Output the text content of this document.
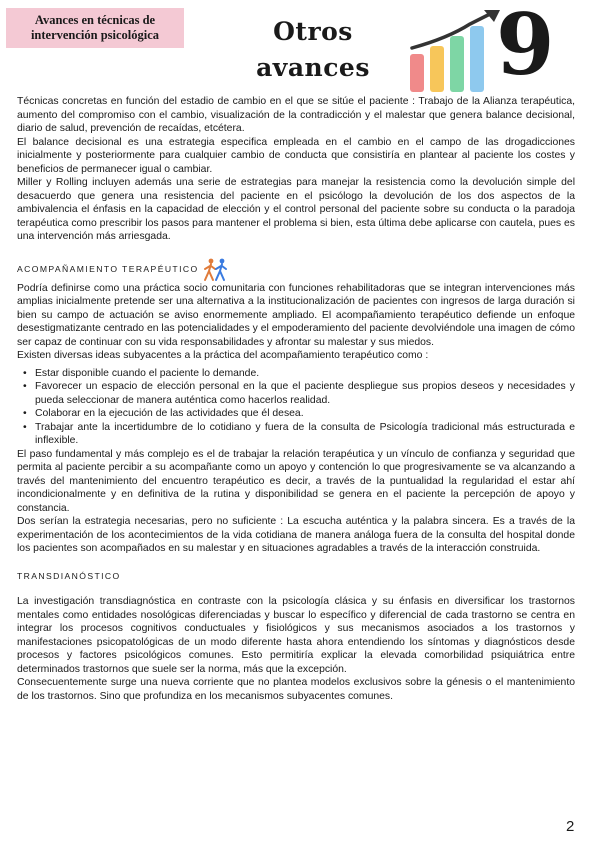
Avances en técnicas de
intervención psicológica	Otros
avances 9

Técnicas concretas en función del estadio de cambio en el que se sitúe el paciente : Trabajo de la Alianza terapéutica, aumento del compromiso con el cambio, visualización de la contradicción y el malestar que genera balance decisional, diario de salud, prevención de recaídas, etcétera.

El balance decisional es una estrategia especifica empleada en el cambio en el campo de las drogadicciones inicialmente y posteriormente para cualquier cambio de conducta que consistiría en plantear al paciente los costes y beneficios de permanecer igual o cambiar.

Miller y Rolling incluyen además una serie de estrategias para manejar la resistencia como la devolución simple del desacuerdo que genera una resistencia del paciente en el psicólogo la devolución de los dos aspectos de la ambivalencia el énfasis en la capacidad de elección y el control personal del paciente sobre su conducta o la paradoja terapéutica como prescribir los pasos para mantener el problema si bien, esta última debe aplicarse con cautela, pues es una intervención más arriesgada.

ACOMPAÑAMIENTO TERAPÉUTICO

Podría definirse como una práctica socio comunitaria con funciones rehabilitadoras que se integran intervenciones más amplias inicialmente pretende ser una alternativa a la institucionalización de pacientes con ingresos de larga duración si bien su campo de actuación se aviso enormemente ampliado. El acompañamiento terapéutico defiende un enfoque desestigmatizante centrado en las potencialidades y el empoderamiento del paciente devolviéndole una imagen de cómo ser capaz de continuar con su vida responsabilidades y afrontar su malestar y sus miedos.

Existen diversas ideas subyacentes a la práctica del acompañamiento terapéutico como :

• Estar disponible cuando el paciente lo demande.
• Favorecer un espacio de elección personal en la que el paciente despliegue sus propios deseos y necesidades y pueda seleccionar de manera auténtica como hacerlos realidad.
• Colaborar en la ejecución de las actividades que él desea.
• Trabajar ante la incertidumbre de lo cotidiano y fuera de la consulta de Psicología tradicional más estructurada e inflexible.

El paso fundamental y más complejo es el de trabajar la relación terapéutica y un vínculo de confianza y seguridad que permita al paciente percibir a su acompañante como un apoyo y contención lo que progresivamente se va alcanzando a través del mantenimiento del encuentro terapéutico es decir, a través de la puntualidad la regularidad el estar ahí incondicionalmente y en definitiva de la rutina y disponibilidad se genera en el paciente la percepción de apoyo y constancia.

Dos serían la estrategia necesarias, pero no suficiente : La escucha auténtica y la palabra sincera. Es a través de la experimentación de los acontecimientos de la vida cotidiana de manera análoga fuera de la consulta del hospital donde los pacientes son acompañados en su malestar y en situaciones agradables a través de la interacción construida.

TRANSDIANÓSTICO

La investigación transdiagnóstica en contraste con la psicología clásica y su énfasis en diversificar los trastornos mentales como entidades nosológicas diferenciadas y buscar lo específico y diferencial de cada trastorno se centra en integrar los procesos cognitivos conductuales y fisiológicos y sus mecanismos asociados a los trastornos y manifestaciones psicopatológicas de un modo diferente hasta ahora entendiendo los síntomas y diagnósticos desde procesos y factores psicológicos comunes. Esto permitiría explicar la elevada comorbilidad psiquiátrica entre determinados trastornos que suele ser la norma, más que la excepción.

Consecuentemente surge una nueva corriente que no plantea modelos exclusivos sobre la génesis o el mantenimiento de los trastornos. Sino que profundiza en los mecanismos subyacentes comunes.

2
